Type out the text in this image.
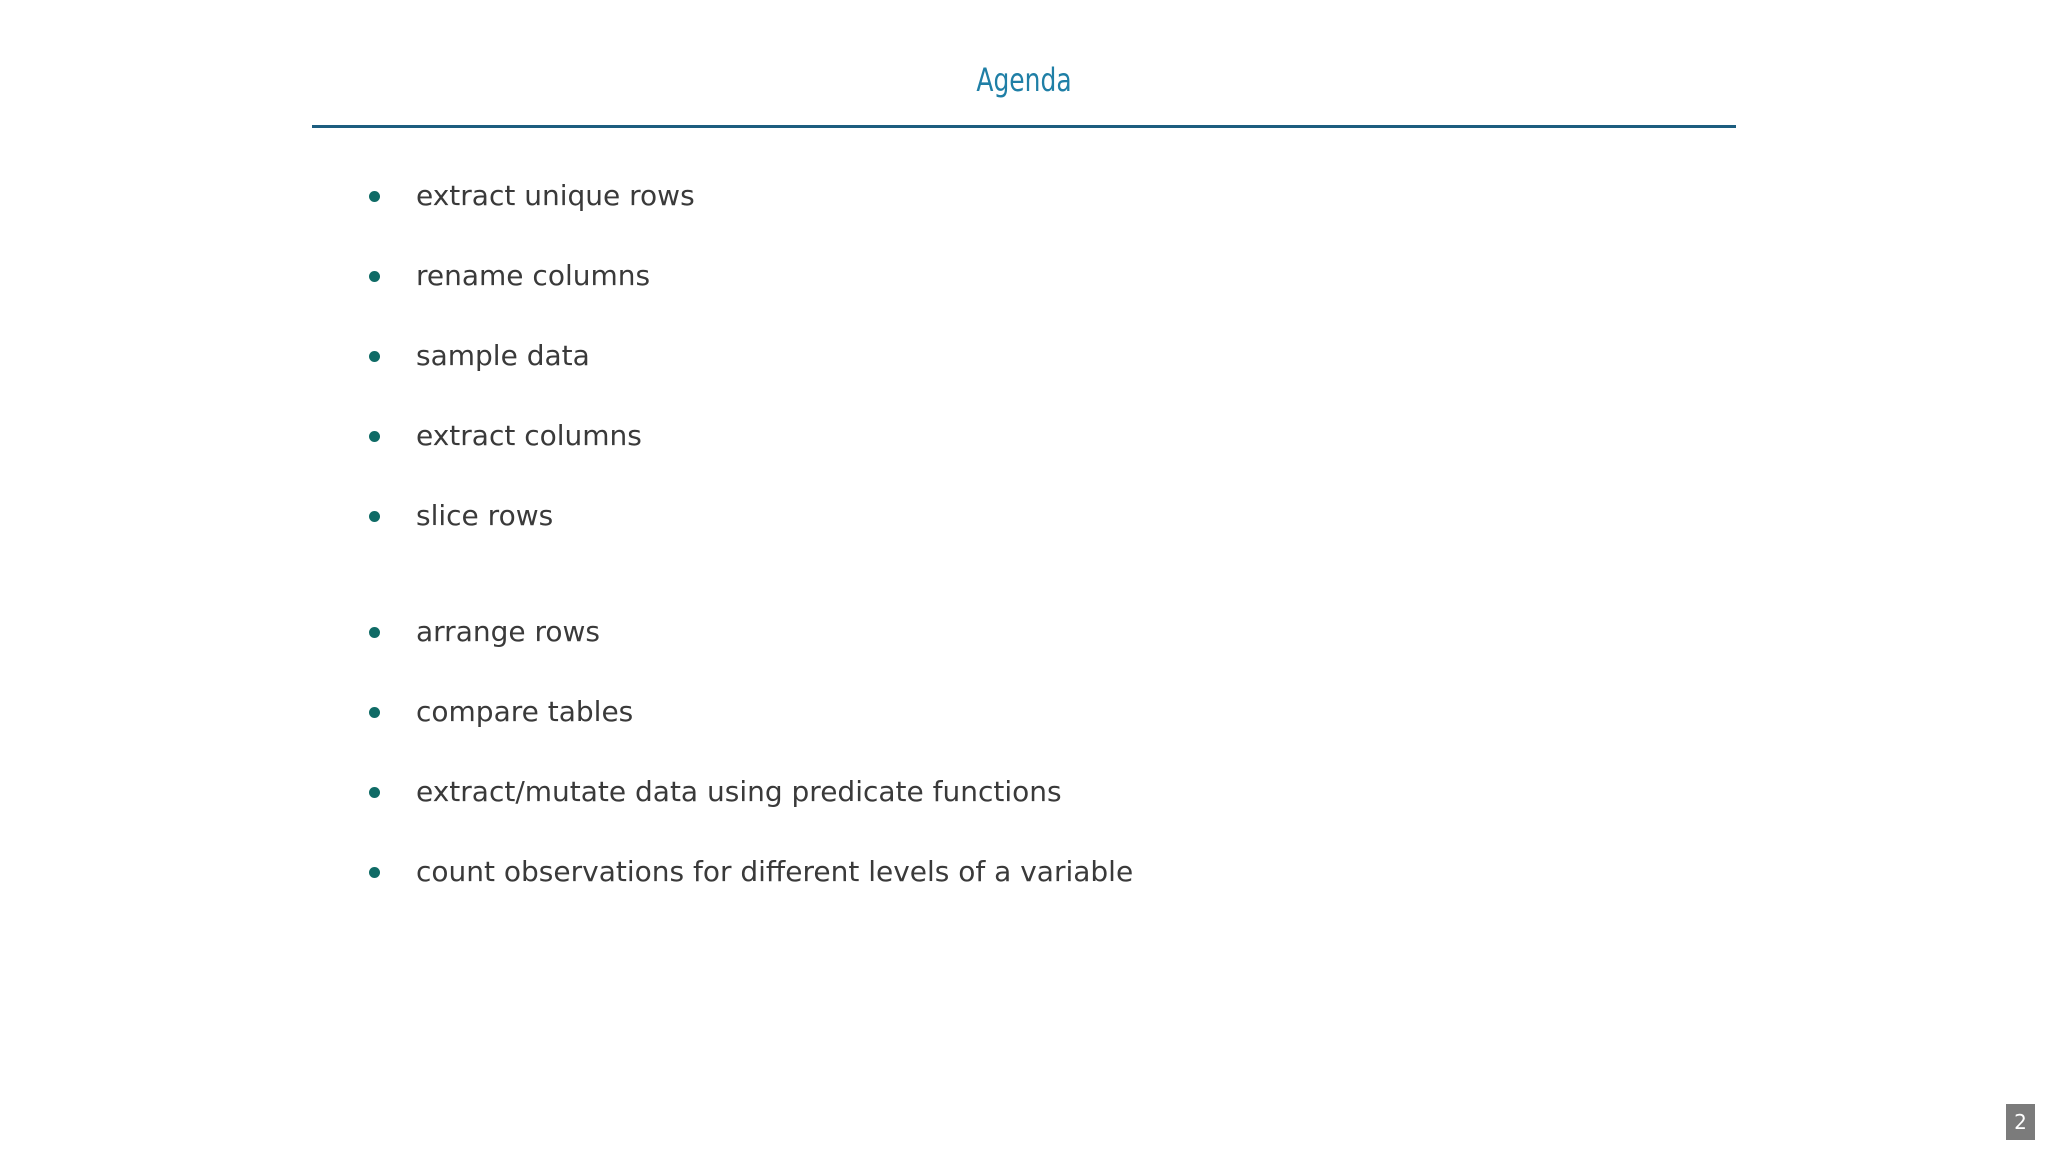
Agenda
extract unique rows
rename columns
sample data
extract columns
slice rows
arrange rows
compare tables
extract/mutate data using predicate functions
count observations for different levels of a variable
2
